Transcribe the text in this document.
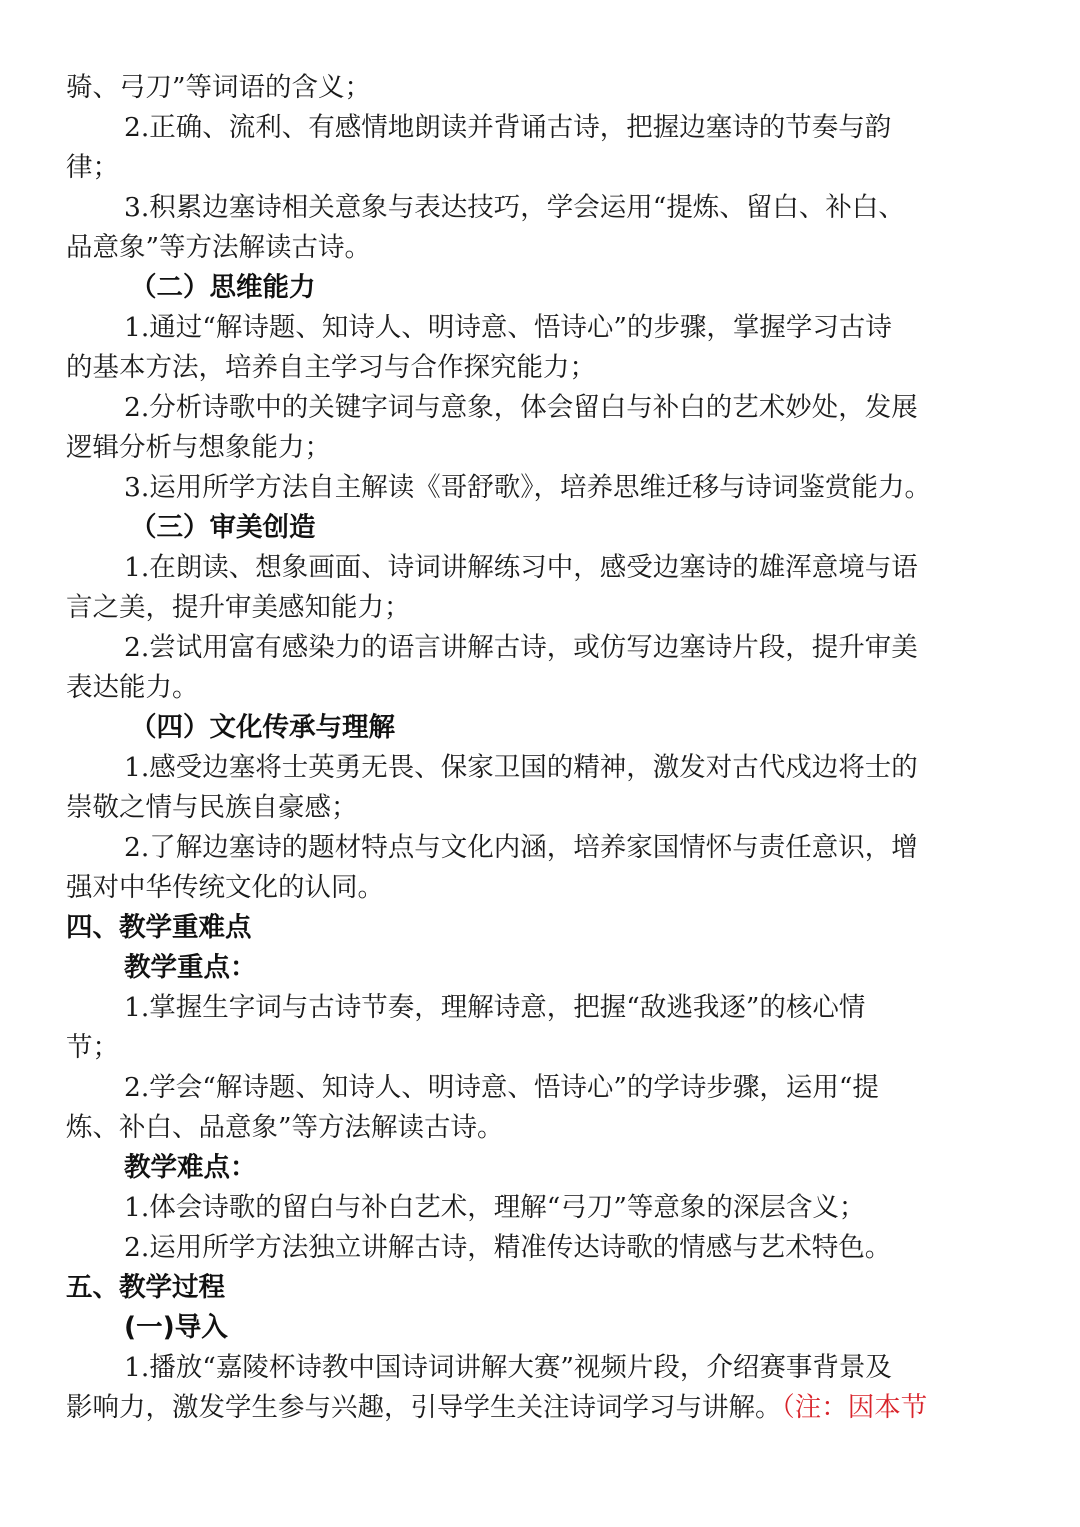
骑、弓刀”等词语的含义；
2.正确、流利、有感情地朗读并背诵古诗，把握边塞诗的节奏与韵
律；
3.积累边塞诗相关意象与表达技巧，学会运用“提炼、留白、补白、
品意象”等方法解读古诗。
（二）思维能力
1.通过“解诗题、知诗人、明诗意、悟诗心”的步骤，掌握学习古诗
的基本方法，培养自主学习与合作探究能力；
2.分析诗歌中的关键字词与意象，体会留白与补白的艺术妙处，发展
逻辑分析与想象能力；
3.运用所学方法自主解读《哥舒歌》，培养思维迁移与诗词鉴赏能力。
（三）审美创造
1.在朗读、想象画面、诗词讲解练习中，感受边塞诗的雄浑意境与语
言之美，提升审美感知能力；
2.尝试用富有感染力的语言讲解古诗，或仿写边塞诗片段，提升审美
表达能力。
（四）文化传承与理解
1.感受边塞将士英勇无畏、保家卫国的精神，激发对古代戍边将士的
崇敬之情与民族自豪感；
2.了解边塞诗的题材特点与文化内涵，培养家国情怀与责任意识，增
强对中华传统文化的认同。
四、教学重难点
教学重点：
1.掌握生字词与古诗节奏，理解诗意，把握“敌逃我逐”的核心情
节；
2.学会“解诗题、知诗人、明诗意、悟诗心”的学诗步骤，运用“提
炼、补白、品意象”等方法解读古诗。
教学难点：
1.体会诗歌的留白与补白艺术，理解“弓刀”等意象的深层含义；
2.运用所学方法独立讲解古诗，精准传达诗歌的情感与艺术特色。
五、教学过程
(一)导入
1.播放“嘉陵杯诗教中国诗词讲解大赛”视频片段，介绍赛事背景及
影响力，激发学生参与兴趣，引导学生关注诗词学习与讲解。（注：因本节
